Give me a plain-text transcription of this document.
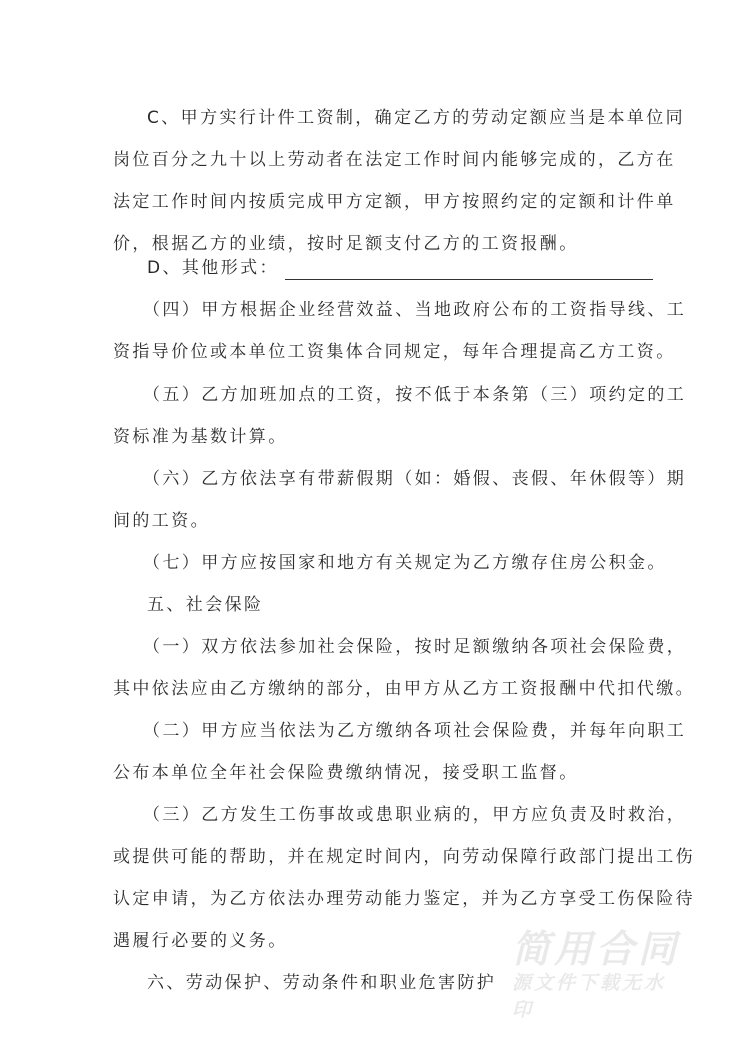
C、甲方实行计件工资制，确定乙方的劳动定额应当是本单位同
岗位百分之九十以上劳动者在法定工作时间内能够完成的，乙方在
法定工作时间内按质完成甲方定额，甲方按照约定的定额和计件单
价，根据乙方的业绩，按时足额支付乙方的工资报酬。
D、其他形式：
（四）甲方根据企业经营效益、当地政府公布的工资指导线、工
资指导价位或本单位工资集体合同规定，每年合理提高乙方工资。
（五）乙方加班加点的工资，按不低于本条第（三）项约定的工
资标准为基数计算。
（六）乙方依法享有带薪假期（如：婚假、丧假、年休假等）期
间的工资。
（七）甲方应按国家和地方有关规定为乙方缴存住房公积金。
五、社会保险
（一）双方依法参加社会保险，按时足额缴纳各项社会保险费，
其中依法应由乙方缴纳的部分，由甲方从乙方工资报酬中代扣代缴。
（二）甲方应当依法为乙方缴纳各项社会保险费，并每年向职工
公布本单位全年社会保险费缴纳情况，接受职工监督。
（三）乙方发生工伤事故或患职业病的，甲方应负责及时救治，
或提供可能的帮助，并在规定时间内，向劳动保障行政部门提出工伤
认定申请，为乙方依法办理劳动能力鉴定，并为乙方享受工伤保险待
遇履行必要的义务。
六、劳动保护、劳动条件和职业危害防护
简用合同
源文件下载无水印
